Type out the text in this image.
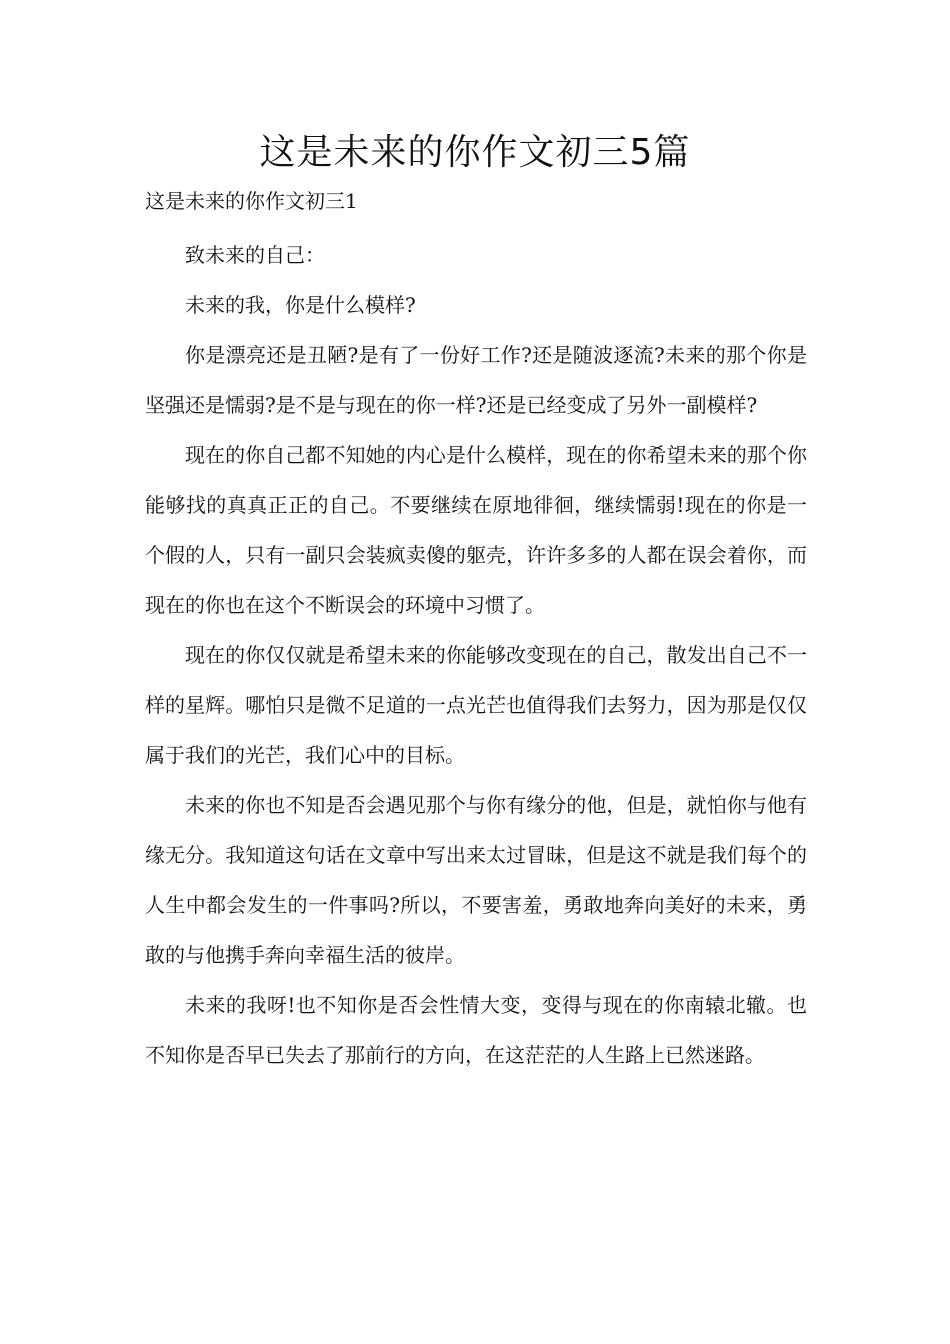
这是未来的你作文初三5篇

这是未来的你作文初三1

致未来的自己：

未来的我，你是什么模样?

你是漂亮还是丑陋?是有了一份好工作?还是随波逐流?未来的那个你是坚强还是懦弱?是不是与现在的你一样?还是已经变成了另外一副模样?

现在的你自己都不知她的内心是什么模样，现在的你希望未来的那个你能够找的真真正正的自己。不要继续在原地徘徊，继续懦弱!现在的你是一个假的人，只有一副只会装疯卖傻的躯壳，许许多多的人都在误会着你，而现在的你也在这个不断误会的环境中习惯了。

现在的你仅仅就是希望未来的你能够改变现在的自己，散发出自己不一样的星辉。哪怕只是微不足道的一点光芒也值得我们去努力，因为那是仅仅属于我们的光芒，我们心中的目标。

未来的你也不知是否会遇见那个与你有缘分的他，但是，就怕你与他有缘无分。我知道这句话在文章中写出来太过冒昧，但是这不就是我们每个的人生中都会发生的一件事吗?所以，不要害羞，勇敢地奔向美好的未来，勇敢的与他携手奔向幸福生活的彼岸。

未来的我呀!也不知你是否会性情大变，变得与现在的你南辕北辙。也不知你是否早已失去了那前行的方向，在这茫茫的人生路上已然迷路。
